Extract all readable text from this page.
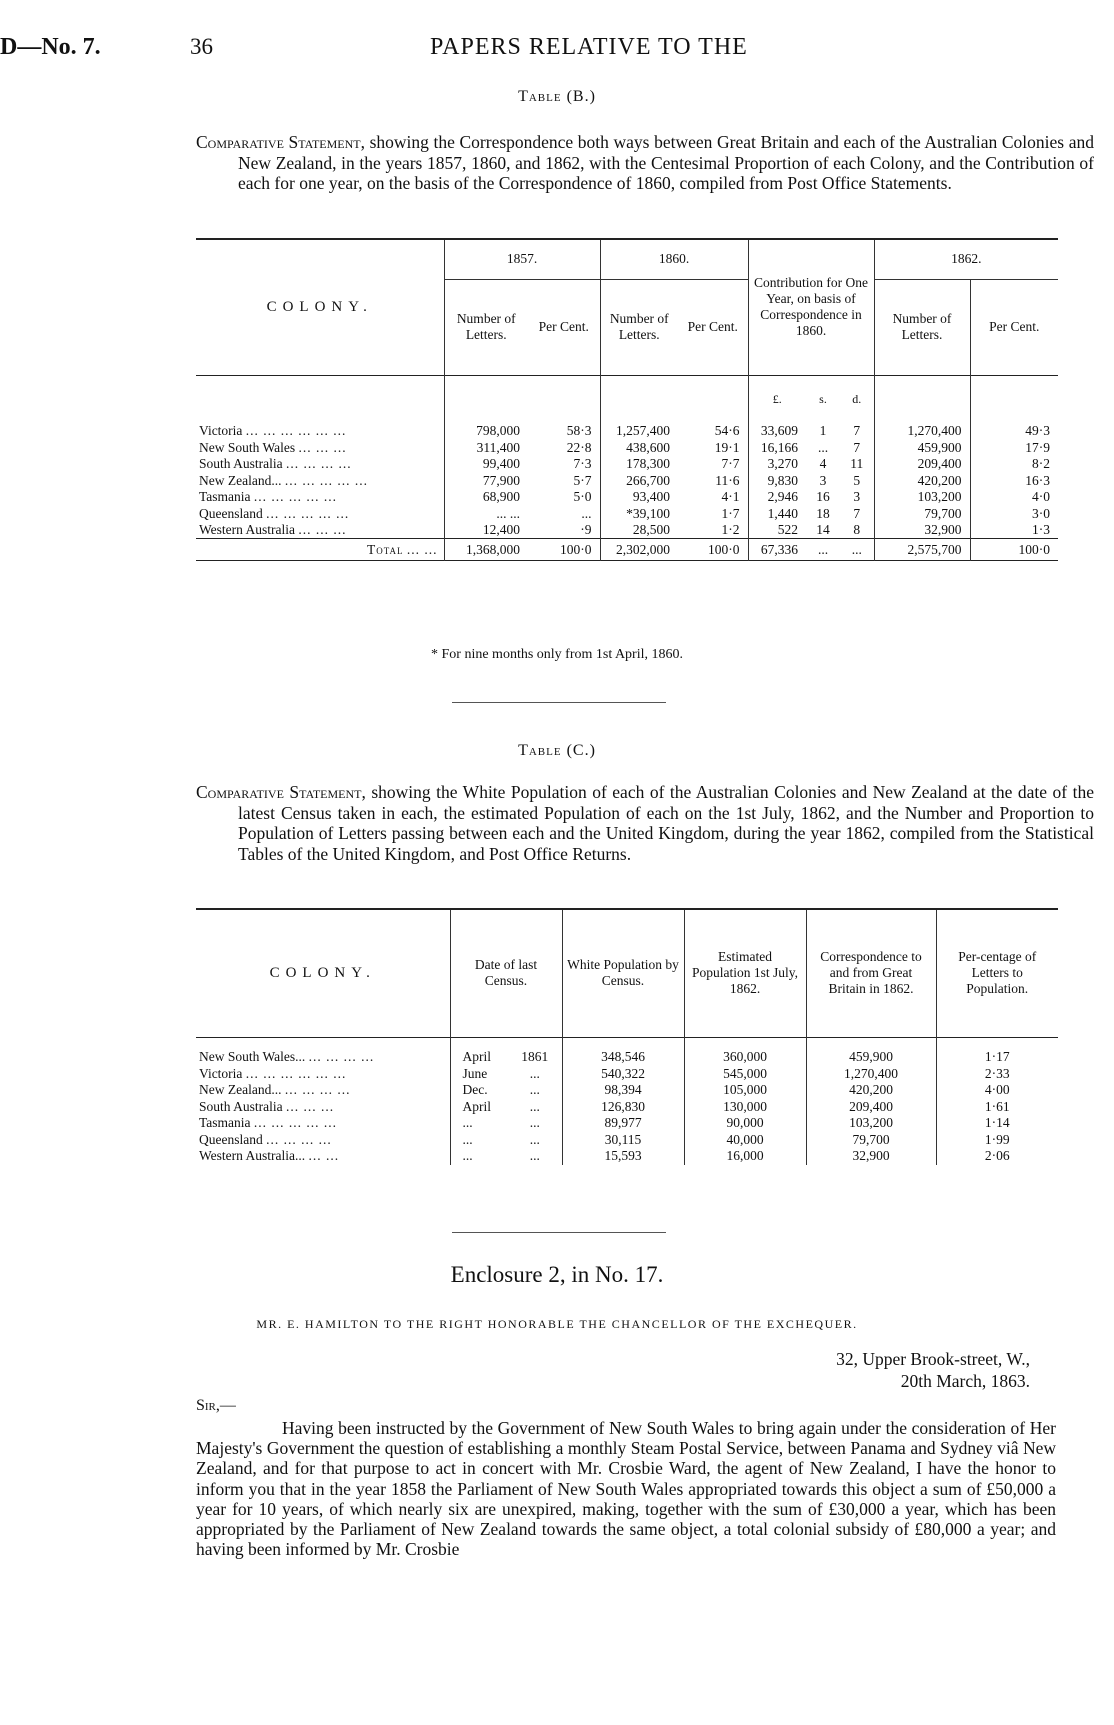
D—No. 7.	36	PAPERS RELATIVE TO THE
Table (B.)
Comparative Statement, showing the Correspondence both ways between Great Britain and each of the Australian Colonies and New Zealand, in the years 1857, 1860, and 1862, with the Centesimal Proportion of each Colony, and the Contribution of each for one year, on the basis of the Correspondence of 1860, compiled from Post Office Statements.
COLONY.	1857.		1860.		Contribution for One Year, on basis of Correspondence in 1860.			1862.	
	Number of Letters.	Per Cent.	Number of Letters.	Per Cent.				Number of Letters.	Per Cent.
					£.	s.	d.		
Victoria ... ... ... ... ... ...	798,000	58·3	1,257,400	54·6	33,609	1	7	1,270,400	49·3
New South Wales ... ... ...	311,400	22·8	438,600	19·1	16,166	...	7	459,900	17·9
South Australia ... ... ... ...	99,400	7·3	178,300	7·7	3,270	4	11	209,400	8·2
New Zealand... ... ... ... ... ...	77,900	5·7	266,700	11·6	9,830	3	5	420,200	16·3
Tasmania ... ... ... ... ...	68,900	5·0	93,400	4·1	2,946	16	3	103,200	4·0
Queensland ... ... ... ... ...	... ...	...	*39,100	1·7	1,440	18	7	79,700	3·0
Western Australia ... ... ...	12,400	·9	28,500	1·2	522	14	8	32,900	1·3
Total ... ...	1,368,000	100·0	2,302,000	100·0	67,336	...	...	2,575,700	100·0
* For nine months only from 1st April, 1860.
Table (C.)
Comparative Statement, showing the White Population of each of the Australian Colonies and New Zealand at the date of the latest Census taken in each, the estimated Population of each on the 1st July, 1862, and the Number and Proportion to Population of Letters passing between each and the United Kingdom, during the year 1862, compiled from the Statistical Tables of the United Kingdom, and Post Office Returns.
COLONY.	Date of last Census.		White Population by Census.	Estimated Population 1st July, 1862.	Correspondence to and from Great Britain in 1862.	Per-centage of Letters to Population.

New South Wales... ... ... ... ...	April	1861	348,546	360,000	459,900	1·17
Victoria ... ... ... ... ... ...	June	...	540,322	545,000	1,270,400	2·33
New Zealand... ... ... ... ...	Dec.	...	98,394	105,000	420,200	4·00
South Australia ... ... ...	April	...	126,830	130,000	209,400	1·61
Tasmania ... ... ... ... ...	...	...	89,977	90,000	103,200	1·14
Queensland ... ... ... ...	...	...	30,115	40,000	79,700	1·99
Western Australia... ... ...	...	...	15,593	16,000	32,900	2·06
Enclosure 2, in No. 17.
MR. E. HAMILTON TO THE RIGHT HONORABLE THE CHANCELLOR OF THE EXCHEQUER.
32, Upper Brook-street, W.,
20th March, 1863.
Sir,—
Having been instructed by the Government of New South Wales to bring again under the consideration of Her Majesty's Government the question of establishing a monthly Steam Postal Service, between Panama and Sydney viâ New Zealand, and for that purpose to act in concert with Mr. Crosbie Ward, the agent of New Zealand, I have the honor to inform you that in the year 1858 the Parliament of New South Wales appropriated towards this object a sum of £50,000 a year for 10 years, of which nearly six are unexpired, making, together with the sum of £30,000 a year, which has been appropriated by the Parliament of New Zealand towards the same object, a total colonial subsidy of £80,000 a year; and having been informed by Mr. Crosbie
